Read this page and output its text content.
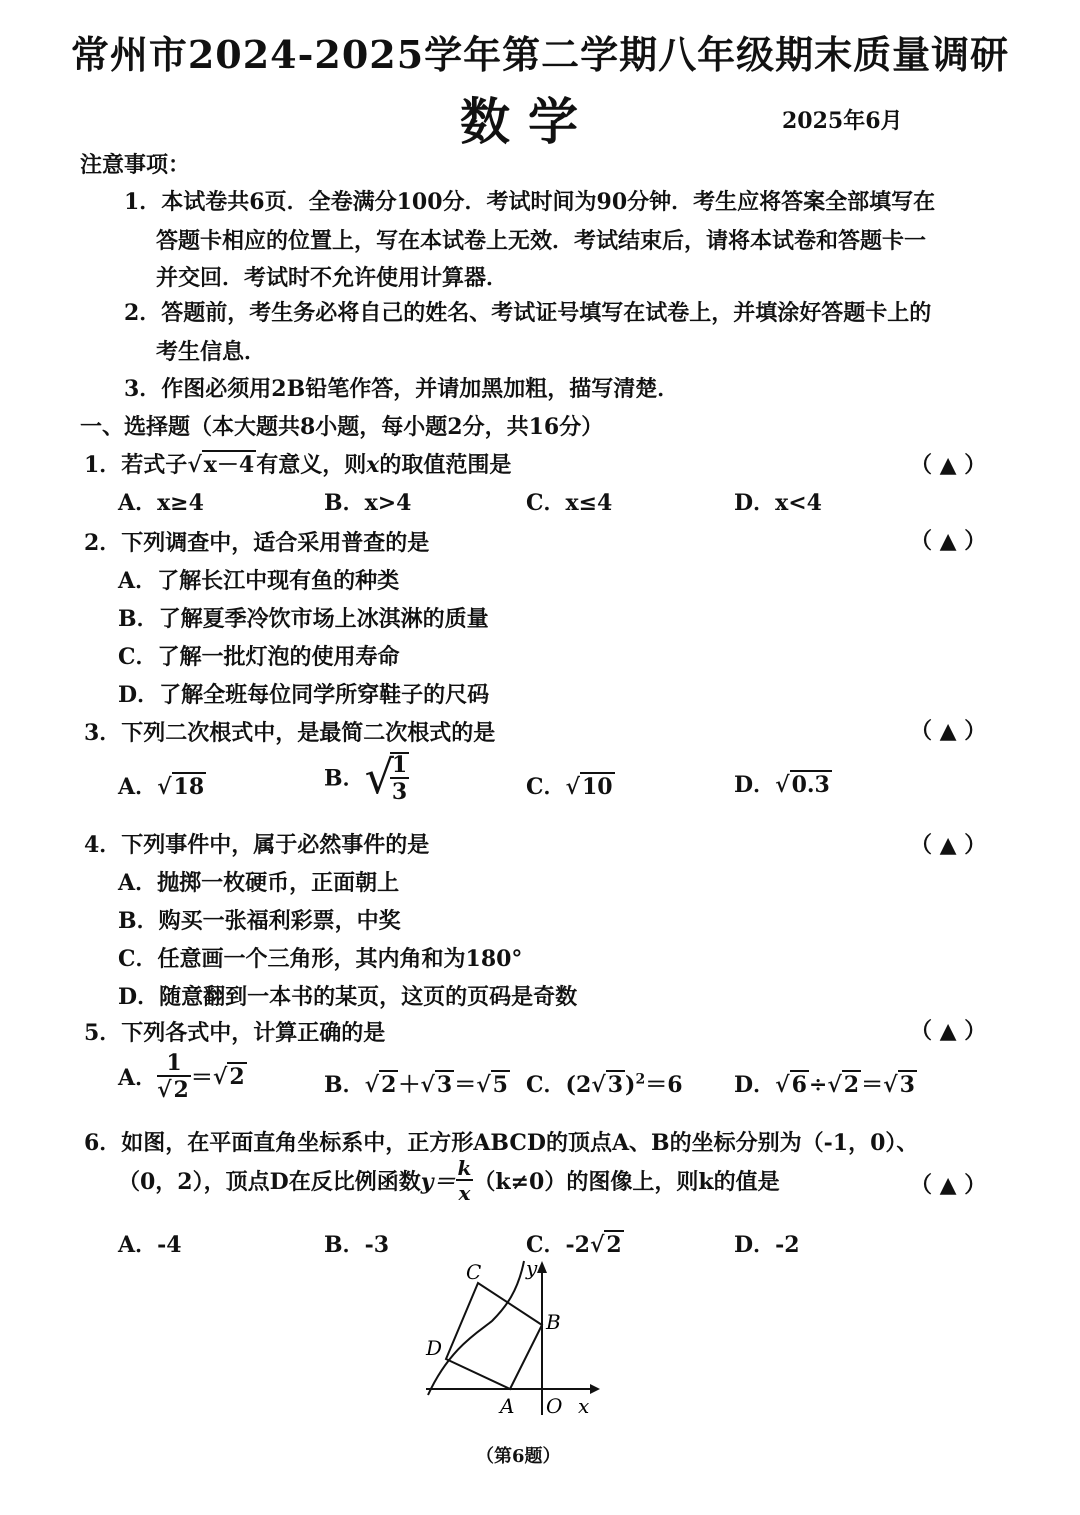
常州市2024-2025学年第二学期八年级期末质量调研
数学	2025年6月
注意事项：
1．本试卷共6页．全卷满分100分．考试时间为90分钟．考生应将答案全部填写在
答题卡相应的位置上，写在本试卷上无效．考试结束后，请将本试卷和答题卡一
并交回．考试时不允许使用计算器．
2．答题前，考生务必将自己的姓名、考试证号填写在试卷上，并填涂好答题卡上的
考生信息．
3．作图必须用2B铅笔作答，并请加黑加粗，描写清楚．
一、选择题（本大题共8小题，每小题2分，共16分）
1．若式子√x－4有意义，则x的取值范围是	（ ▲ ）
A．x≥4	B．x>4	C．x≤4	D．x<4
2．下列调查中，适合采用普查的是	（ ▲ ）
A．了解长江中现有鱼的种类
B．了解夏季冷饮市场上冰淇淋的质量
C．了解一批灯泡的使用寿命
D．了解全班每位同学所穿鞋子的尺码
3．下列二次根式中，是最简二次根式的是	（ ▲ ）
A．√18	B．√
$\frac{1}{3}$	C．√10	D．√0.3
4．下列事件中，属于必然事件的是	（ ▲ ）
A．抛掷一枚硬币，正面朝上
B．购买一张福利彩票，中奖
C．任意画一个三角形，其内角和为180°
D．随意翻到一本书的某页，这页的页码是奇数
5．下列各式中，计算正确的是	（ ▲ ）
A． $\frac{1}{√2} =√2$	B．√2＋√3＝√5 C．$(2√3)^2=6$ D．√6÷√2＝√3
6．如图，在平面直角坐标系中，正方形ABCD的顶点A、B的坐标分别为（-1，0）、
（0，2），顶点D在反比例函数$y= \frac{k}{x} (k\ne 0)$的图像上，则k的值是	（ ▲ ）
A．-4	B．-3	C．-2√2	D．-2
C
B
D
A O x
y
（第6题）
